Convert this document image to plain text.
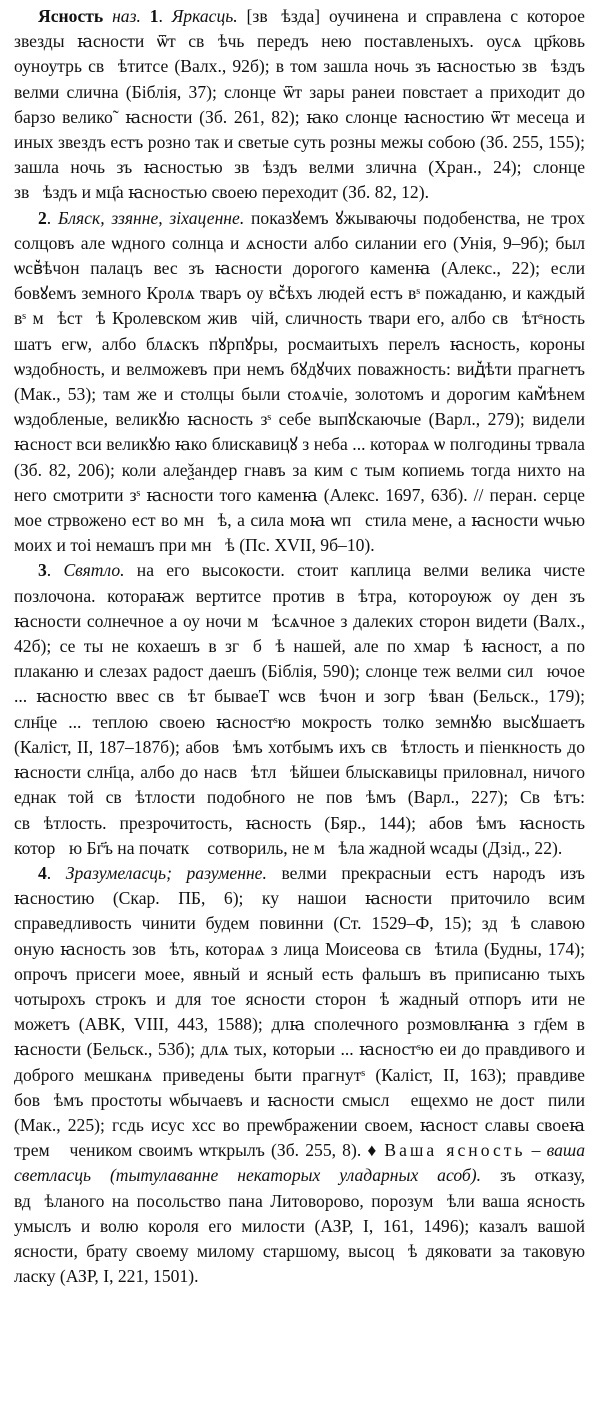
Ясность наз. 1. Яркасць. [зв꙽ѣзда] оучинена и справлена с которое звезды ꙗсности ѿт св꙽ѣчь передъ нею поставленыхъ. оусѧ цр҃ковь оуноутрь св꙽ѣтитсе (Валх., 92б); в том зашла ночь зъ ꙗсностью зв꙽ѣздъ велми слична (Біблія, 37); слонце ѿт зары ранеи повстает а приходит до барзо велико˜ ꙗсности (Зб. 261, 82); ꙗко слонце ꙗсностию ѿт месеца и иных звездъ естъ розно так и светые суть розны межы собою (Зб. 255, 155); зашла ночь зъ ꙗсностью зв꙽ѣздъ велми злична (Хран., 24); слонце зв꙽ѣздъ и мц҃а ꙗсностью своею переходит (Зб. 82, 12).

2. Бляск, ззянне, зіхаценне. показꙋемъ ꙋжываючы подобенства, не трох солцовъ але ѡдного солнца и ѧсности албо силании его (Унія, 9–9б); был ѡсв꙽ѣчон палацъ вес зъ ꙗсности дорогого каменꙗ (Алекс., 22); если бовꙋемъ земного Кролѧ тваръ оу вс꙽ѣхъ людей естъ вˢ пожаданю, и каждый вˢ м꙽ѣст꙽ѣ Кролевском живꙋчій, сличность твари его, албо св꙽ѣтˢность шатъ егѡ, албо блѧскъ пꙋрпꙋры, росмаитыхъ перелъ ꙗсность, короны ѡздобность, и велможевъ при немъ бꙋдꙋчих поважность: вид꙽ѣти прагнетъ (Мак., 53); там же и столцы были стоѧчіе, золотомъ и дорогим кам꙽ѣнем ѡздобленые, великꙋю ꙗсность зˢ себе выпꙋскаючые (Варл., 279); видели ꙗсност вси великꙋю ꙗко блискавицꙋ з неба ... котораѧ ѡ полгодины трвала (Зб. 82, 206); коли алеѯандер гнавъ за ким с тым копиемь тогда нихто на него смотрити зˢ ꙗсности того каменꙗ (Алекс. 1697, 63б). // перан. серце мое стрвожено ест во мн꙽ѣ, а сила моꙗ ѡпꙋстила мене, а ꙗсности ѡчью моих и тоі немашъ при мн꙽ѣ (Пс. XVII, 9б–10).

3. Святло. на его высокости. стоит каплица велми велика чисте позлочона. котораꙗж вертитсе против в꙽ѣтра, котороуюж оу ден зъ ꙗсности солнечное а оу ночи м꙽ѣсѧчное з далеких сторон видети (Валх., 42б); се ты не кохаешъ в згꙋб꙽ѣ нашей, але по хмар꙽ѣ ꙗсност, а по плаканю и слезах радост даешъ (Біблія, 590); слонце теж велми силꙋючое ... ꙗсностю ввес св꙽ѣт бываеТ ѡсв꙽ѣчон и зогр꙽ѣван (Бельск., 179); слн҃це ... теплою своею ꙗсностˢю мокрость толко земнꙋю высꙋшаетъ (Каліст, II, 187–187б); абов꙽ѣмъ хотбымъ ихъ св꙽ѣтлость и піенкность до ꙗсности слн҃ца, албо до насв꙽ѣтл꙽ѣйшеи блыскавицы приловнал, ничого еднак той св꙽ѣтлости подобного не пов꙽ѣмъ (Варл., 227); Св꙽ѣтъ: св꙽ѣтлость. презрочитость, ꙗсность (Бяр., 144); абов꙽ѣмъ ꙗсность которꙋю Бг҃ъ на початкꙋ сотвориль, не м꙽ѣла жадной ѡсады (Дзід., 22).

4. Зразумеласць; разуменне. велми прекрасныи естъ народъ изъ ꙗсностию (Скар. ПБ, 6); ку нашои ꙗсности приточило всим справедливость чинити будем повинни (Ст. 1529–Ф, 15); зд꙽ѣ славою оную ꙗсность зов꙽ѣть, котораѧ з лица Моисеова св꙽ѣтила (Будны, 174); опрочъ присеги моее, явный и ясный есть фальшъ въ приписаню тыхъ чотырохъ строкъ и для тое ясности сторон꙽ѣ жадный отпоръ ити не можетъ (АВК, VIII, 443, 1588); длꙗ сполечного розмовлꙗнꙗ з гд҃ем в ꙗсности (Бельск., 53б); длѧ тых, которыи ... ꙗсностˢю еи до правдивого и доброго мешканѧ приведены быти прагнутˢ (Каліст, II, 163); правдиве бов꙽ѣмъ простоты ѡбычаевъ и ꙗсности смыслꙋ ещехмо не достꙋпили (Мак., 225); гсдь исус хсс во преѡбражении своем, ꙗсност славы своеꙗ трем ꙋчеником своимъ ѡткрылъ (Зб. 255, 8). ♦ Ваша ясность – ваша светласць (тытулаванне некаторых уладарных асоб). зъ отказу, вд꙽ѣланого на посольство пана Литоворово, порозум꙽ѣли ваша ясность умыслъ и волю короля его милости (АЗР, I, 161, 1496); казалъ вашой ясности, брату своему милому старшому, высоц꙽ѣ дяковати за таковую ласку (АЗР, I, 221, 1501).
